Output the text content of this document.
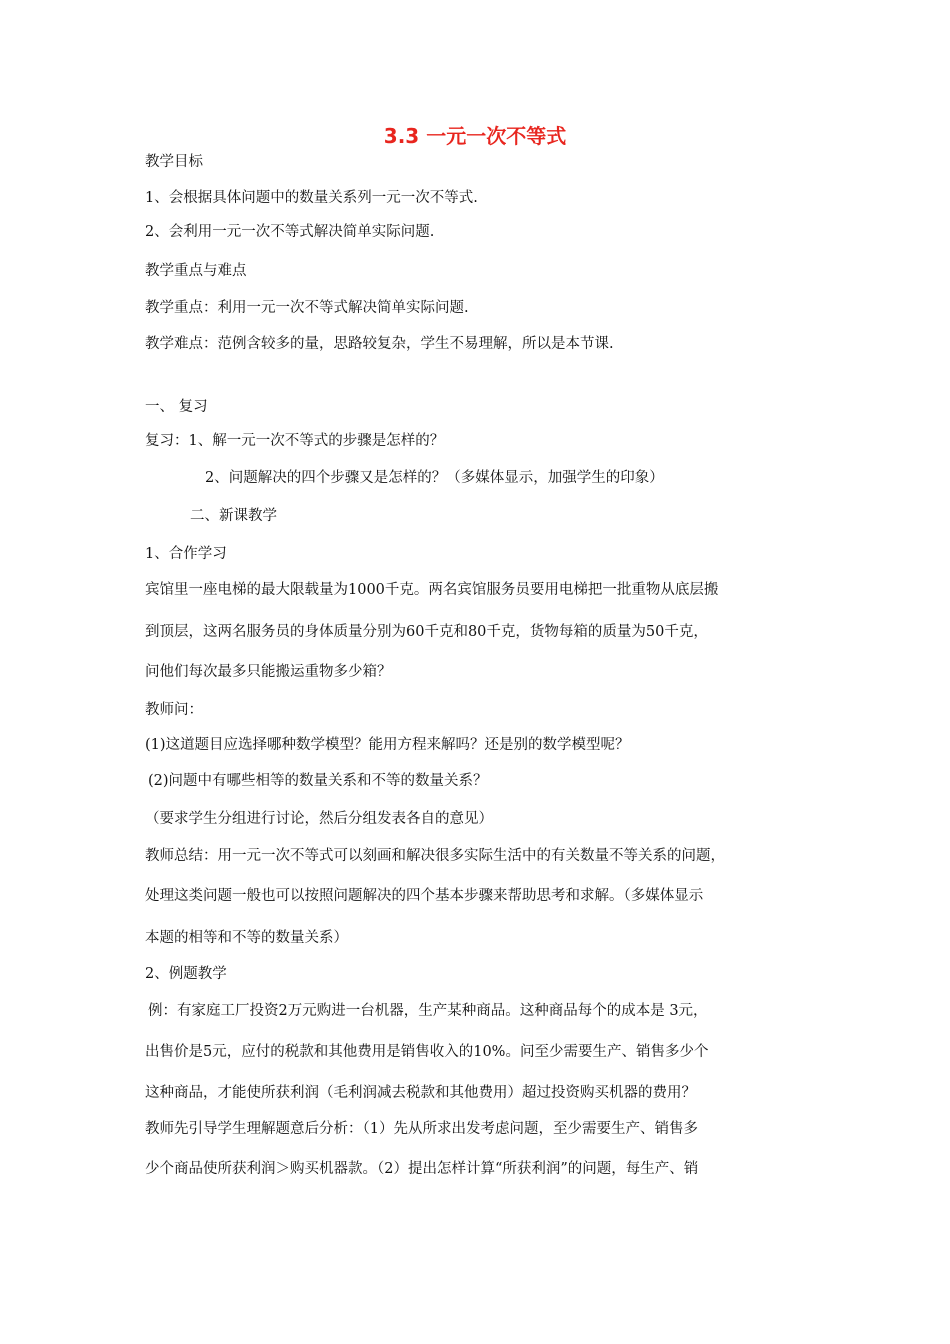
3.3 一元一次不等式
教学目标
1、会根据具体问题中的数量关系列一元一次不等式.
2、会利用一元一次不等式解决简单实际问题.
教学重点与难点
教学重点：利用一元一次不等式解决简单实际问题.
教学难点：范例含较多的量，思路较复杂，学生不易理解，所以是本节课.
一、 复习
复习：1、解一元一次不等式的步骤是怎样的？
2、问题解决的四个步骤又是怎样的？（多媒体显示，加强学生的印象）
二、新课教学
1、合作学习
宾馆里一座电梯的最大限载量为1000千克。两名宾馆服务员要用电梯把一批重物从底层搬
到顶层，这两名服务员的身体质量分别为60千克和80千克，货物每箱的质量为50千克，
问他们每次最多只能搬运重物多少箱？
教师问：
(1)这道题目应选择哪种数学模型？能用方程来解吗？还是别的数学模型呢？
(2)问题中有哪些相等的数量关系和不等的数量关系？
（要求学生分组进行讨论，然后分组发表各自的意见）
教师总结：用一元一次不等式可以刻画和解决很多实际生活中的有关数量不等关系的问题，
处理这类问题一般也可以按照问题解决的四个基本步骤来帮助思考和求解。（多媒体显示
本题的相等和不等的数量关系）
2、例题教学
例：有家庭工厂投资2万元购进一台机器，生产某种商品。这种商品每个的成本是 3元，
出售价是5元，应付的税款和其他费用是销售收入的10%。问至少需要生产、销售多少个
这种商品，才能使所获利润（毛利润减去税款和其他费用）超过投资购买机器的费用？
教师先引导学生理解题意后分析：（1）先从所求出发考虑问题，至少需要生产、销售多
少个商品使所获利润＞购买机器款。（2）提出怎样计算“所获利润”的问题，每生产、销
